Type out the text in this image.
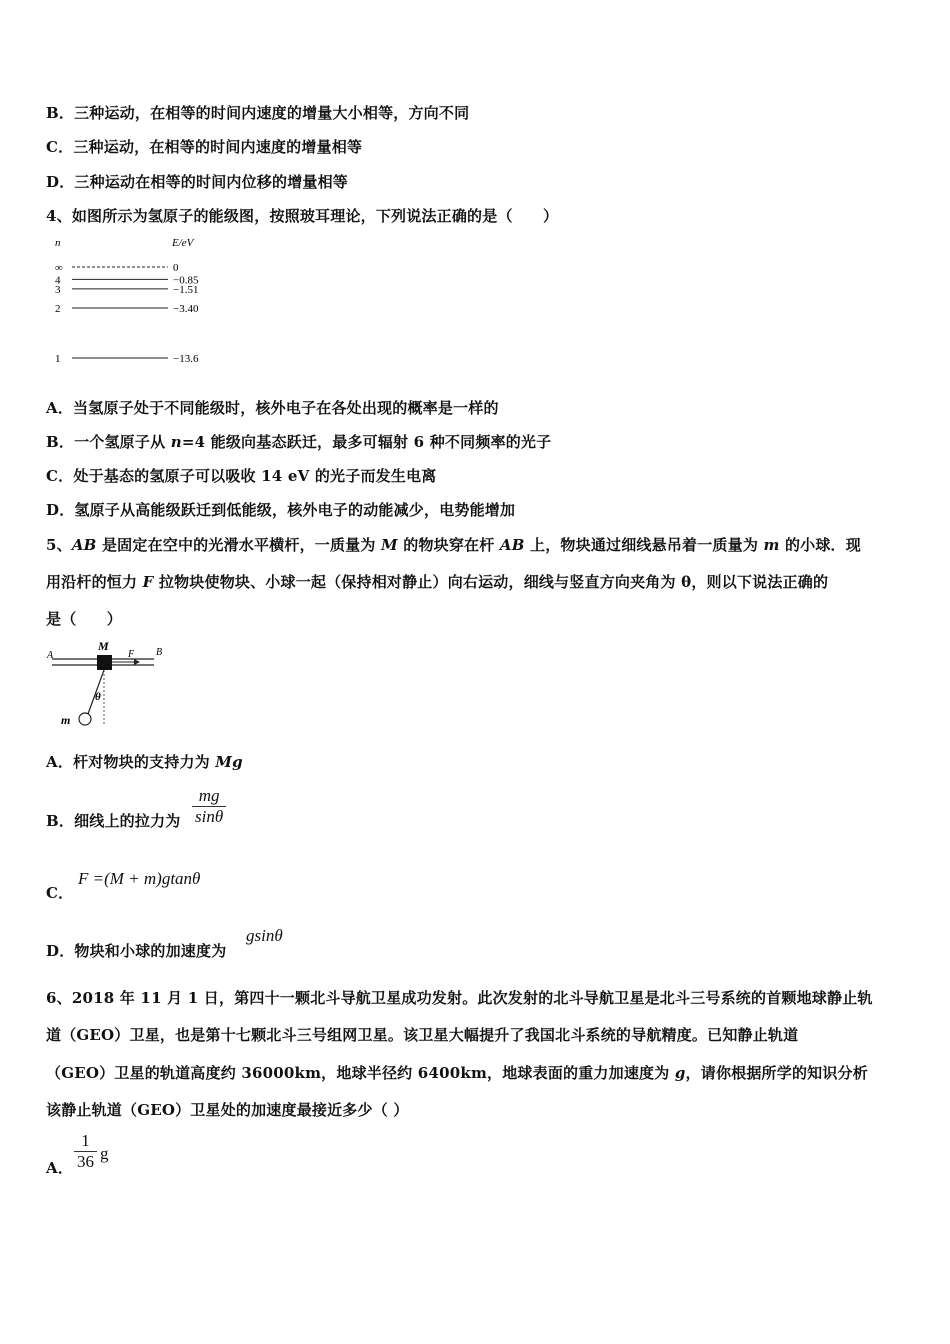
B．三种运动，在相等的时间内速度的增量大小相等，方向不同
C．三种运动，在相等的时间内速度的增量相等
D．三种运动在相等的时间内位移的增量相等
4、如图所示为氢原子的能级图，按照玻耳理论，下列说法正确的是（　　）
n	E/eV
∞	0
4	−0.85
3	−1.51
2	−3.40
1	−13.6
A．当氢原子处于不同能级时，核外电子在各处出现的概率是一样的
B．一个氢原子从 n=4 能级向基态跃迁，最多可辐射 6 种不同频率的光子
C．处于基态的氢原子可以吸收 14 eV 的光子而发生电离
D．氢原子从高能级跃迁到低能级，核外电子的动能减少，电势能增加
5、AB 是固定在空中的光滑水平横杆，一质量为 M 的物块穿在杆 AB 上，物块通过细线悬吊着一质量为 m 的小球．现
用沿杆的恒力 F 拉物块使物块、小球一起（保持相对静止）向右运动，细线与竖直方向夹角为 θ，则以下说法正确的
是（　　）
A	B
M
F
θ
m
A．杆对物块的支持力为 Mg
B．细线上的拉力为
mg
sinθ
C．
F =(M + m)gtanθ
D．物块和小球的加速度为
gsinθ
6、2018 年 11 月 1 日，第四十一颗北斗导航卫星成功发射。此次发射的北斗导航卫星是北斗三号系统的首颗地球静止轨
道（GEO）卫星，也是第十七颗北斗三号组网卫星。该卫星大幅提升了我国北斗系统的导航精度。已知静止轨道
（GEO）卫星的轨道高度约 36000km，地球半径约 6400km，地球表面的重力加速度为 g，请你根据所学的知识分析
该静止轨道（GEO）卫星处的加速度最接近多少（ ）
A．
1
36 g
